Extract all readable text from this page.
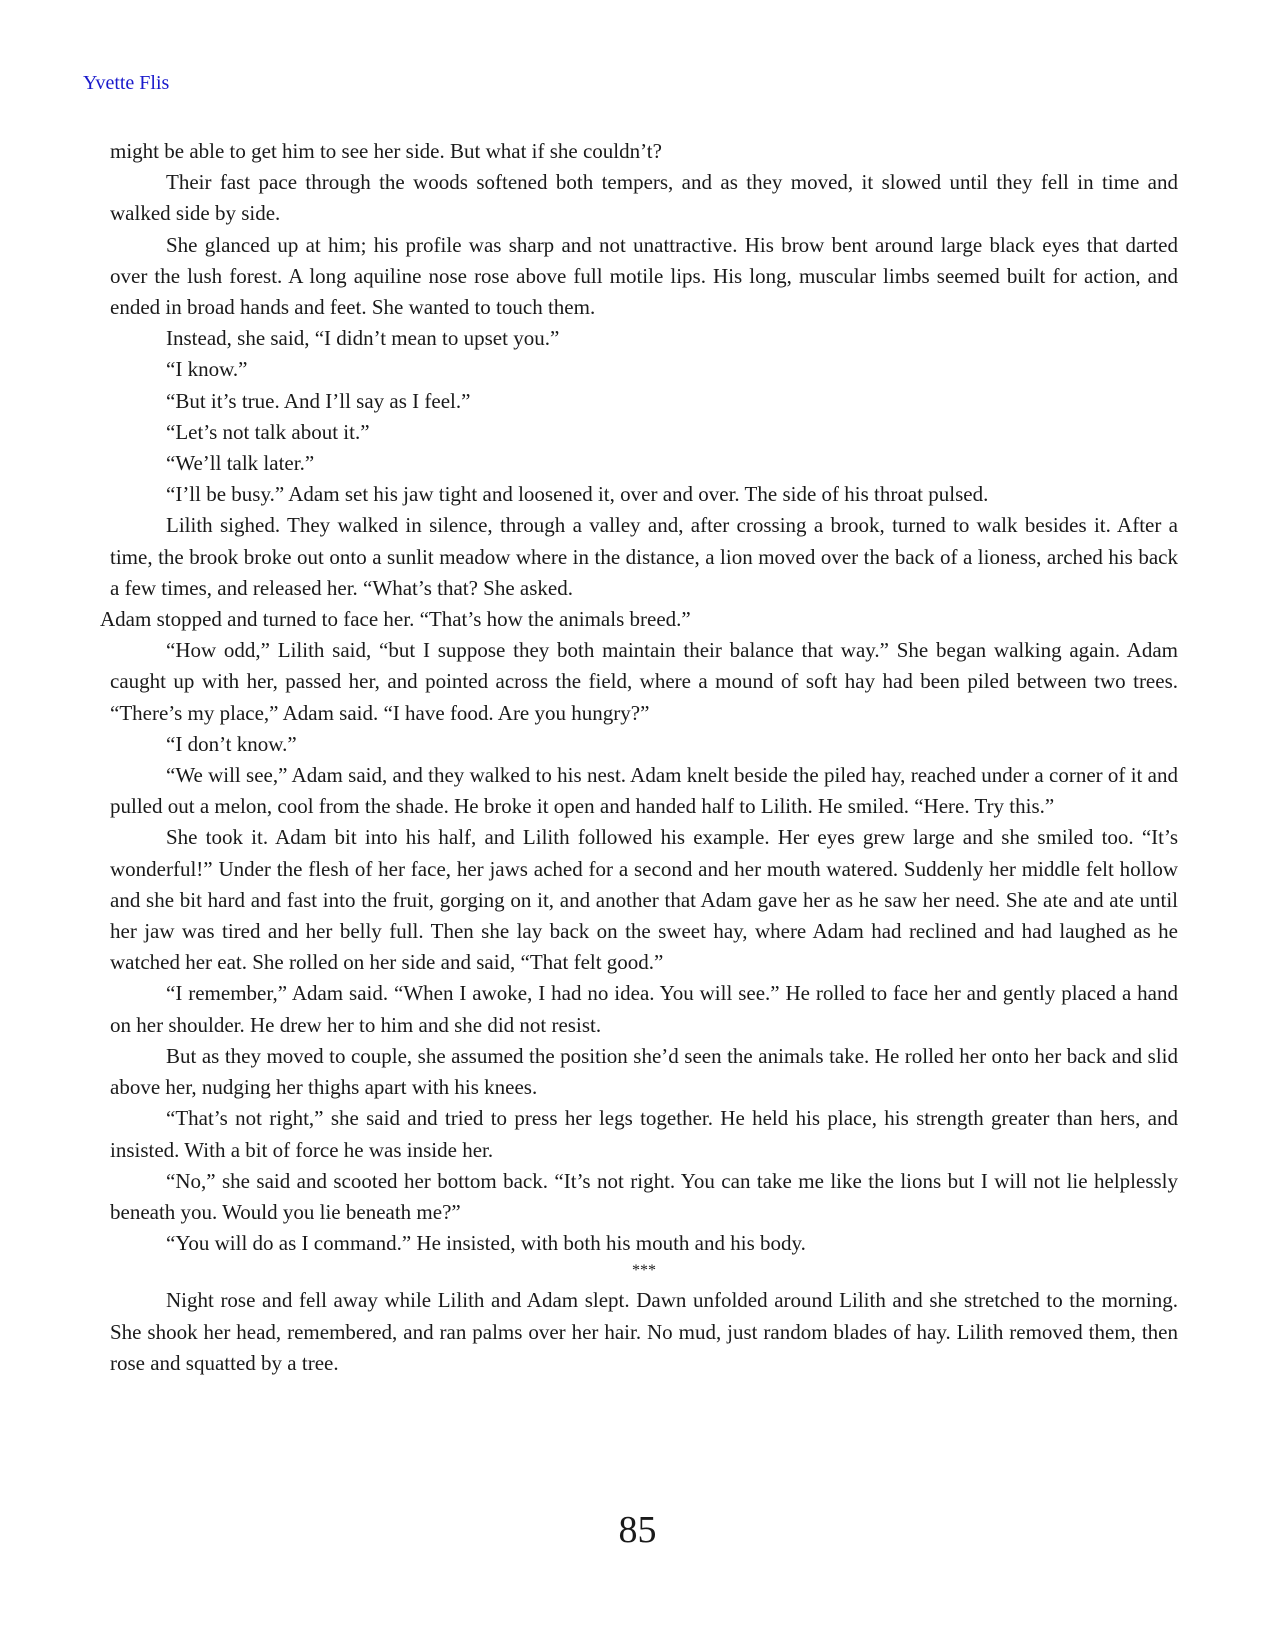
Yvette Flis

might be able to get him to see her side. But what if she couldn’t?

Their fast pace through the woods softened both tempers, and as they moved, it slowed until they fell in time and walked side by side.

She glanced up at him; his profile was sharp and not unattractive. His brow bent around large black eyes that darted over the lush forest. A long aquiline nose rose above full motile lips. His long, muscular limbs seemed built for action, and ended in broad hands and feet. She wanted to touch them.

Instead, she said, “I didn’t mean to upset you.”

“I know.”

“But it’s true. And I’ll say as I feel.”

“Let’s not talk about it.”

“We’ll talk later.”

“I’ll be busy.” Adam set his jaw tight and loosened it, over and over. The side of his throat pulsed.

Lilith sighed. They walked in silence, through a valley and, after crossing a brook, turned to walk besides it. After a time, the brook broke out onto a sunlit meadow where in the distance, a lion moved over the back of a lioness, arched his back a few times, and released her. “What’s that? She asked.

Adam stopped and turned to face her. “That’s how the animals breed.”

“How odd,” Lilith said, “but I suppose they both maintain their balance that way.” She began walking again. Adam caught up with her, passed her, and pointed across the field, where a mound of soft hay had been piled between two trees. “There’s my place,” Adam said. “I have food. Are you hungry?”

“I don’t know.”

“We will see,” Adam said, and they walked to his nest. Adam knelt beside the piled hay, reached under a corner of it and pulled out a melon, cool from the shade. He broke it open and handed half to Lilith. He smiled. “Here. Try this.”

She took it. Adam bit into his half, and Lilith followed his example. Her eyes grew large and she smiled too. “It’s wonderful!” Under the flesh of her face, her jaws ached for a second and her mouth watered. Suddenly her middle felt hollow and she bit hard and fast into the fruit, gorging on it, and another that Adam gave her as he saw her need. She ate and ate until her jaw was tired and her belly full. Then she lay back on the sweet hay, where Adam had reclined and had laughed as he watched her eat. She rolled on her side and said, “That felt good.”

“I remember,” Adam said. “When I awoke, I had no idea. You will see.” He rolled to face her and gently placed a hand on her shoulder. He drew her to him and she did not resist.

But as they moved to couple, she assumed the position she’d seen the animals take. He rolled her onto her back and slid above her, nudging her thighs apart with his knees.

“That’s not right,” she said and tried to press her legs together. He held his place, his strength greater than hers, and insisted. With a bit of force he was inside her.

“No,” she said and scooted her bottom back. “It’s not right. You can take me like the lions but I will not lie helplessly beneath you. Would you lie beneath me?”

“You will do as I command.” He insisted, with both his mouth and his body.

***

Night rose and fell away while Lilith and Adam slept. Dawn unfolded around Lilith and she stretched to the morning. She shook her head, remembered, and ran palms over her hair. No mud, just random blades of hay. Lilith removed them, then rose and squatted by a tree.

85
